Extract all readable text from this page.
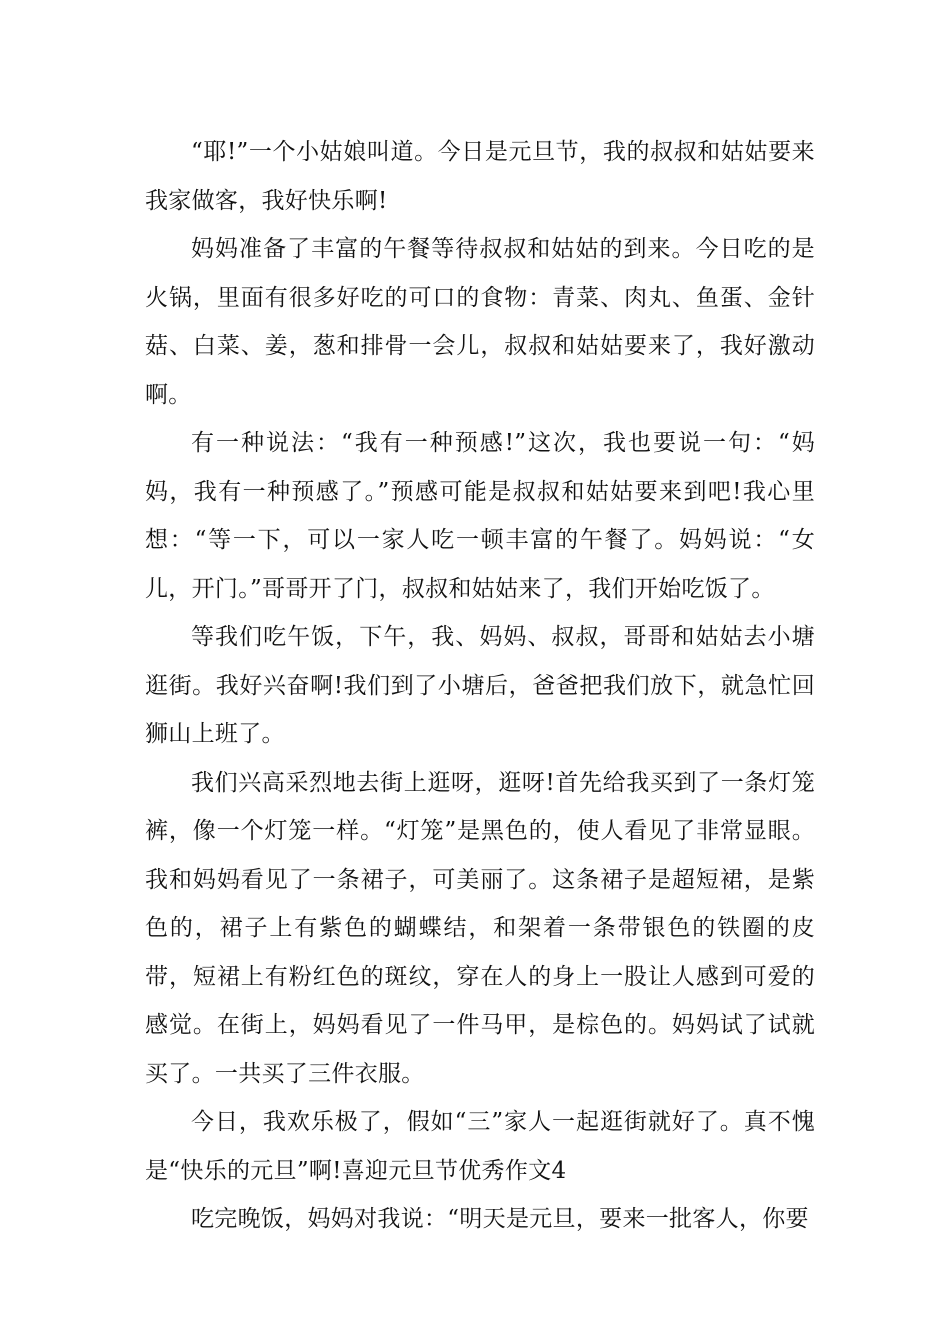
“耶!”一个小姑娘叫道。今日是元旦节，我的叔叔和姑姑要来我家做客，我好快乐啊!

妈妈准备了丰富的午餐等待叔叔和姑姑的到来。今日吃的是火锅，里面有很多好吃的可口的食物：青菜、肉丸、鱼蛋、金针菇、白菜、姜，葱和排骨一会儿，叔叔和姑姑要来了，我好激动啊。

有一种说法：“我有一种预感!”这次，我也要说一句：“妈妈，我有一种预感了。”预感可能是叔叔和姑姑要来到吧!我心里想：“等一下，可以一家人吃一顿丰富的午餐了。妈妈说：“女儿，开门。”哥哥开了门，叔叔和姑姑来了，我们开始吃饭了。

等我们吃午饭，下午，我、妈妈、叔叔，哥哥和姑姑去小塘逛街。我好兴奋啊!我们到了小塘后，爸爸把我们放下，就急忙回狮山上班了。

我们兴高采烈地去街上逛呀，逛呀!首先给我买到了一条灯笼裤，像一个灯笼一样。“灯笼”是黑色的，使人看见了非常显眼。我和妈妈看见了一条裙子，可美丽了。这条裙子是超短裙，是紫色的，裙子上有紫色的蝴蝶结，和架着一条带银色的铁圈的皮带，短裙上有粉红色的斑纹，穿在人的身上一股让人感到可爱的感觉。在街上，妈妈看见了一件马甲，是棕色的。妈妈试了试就买了。一共买了三件衣服。

今日，我欢乐极了，假如“三”家人一起逛街就好了。真不愧是“快乐的元旦”啊!喜迎元旦节优秀作文4

吃完晚饭，妈妈对我说：“明天是元旦，要来一批客人，你要
